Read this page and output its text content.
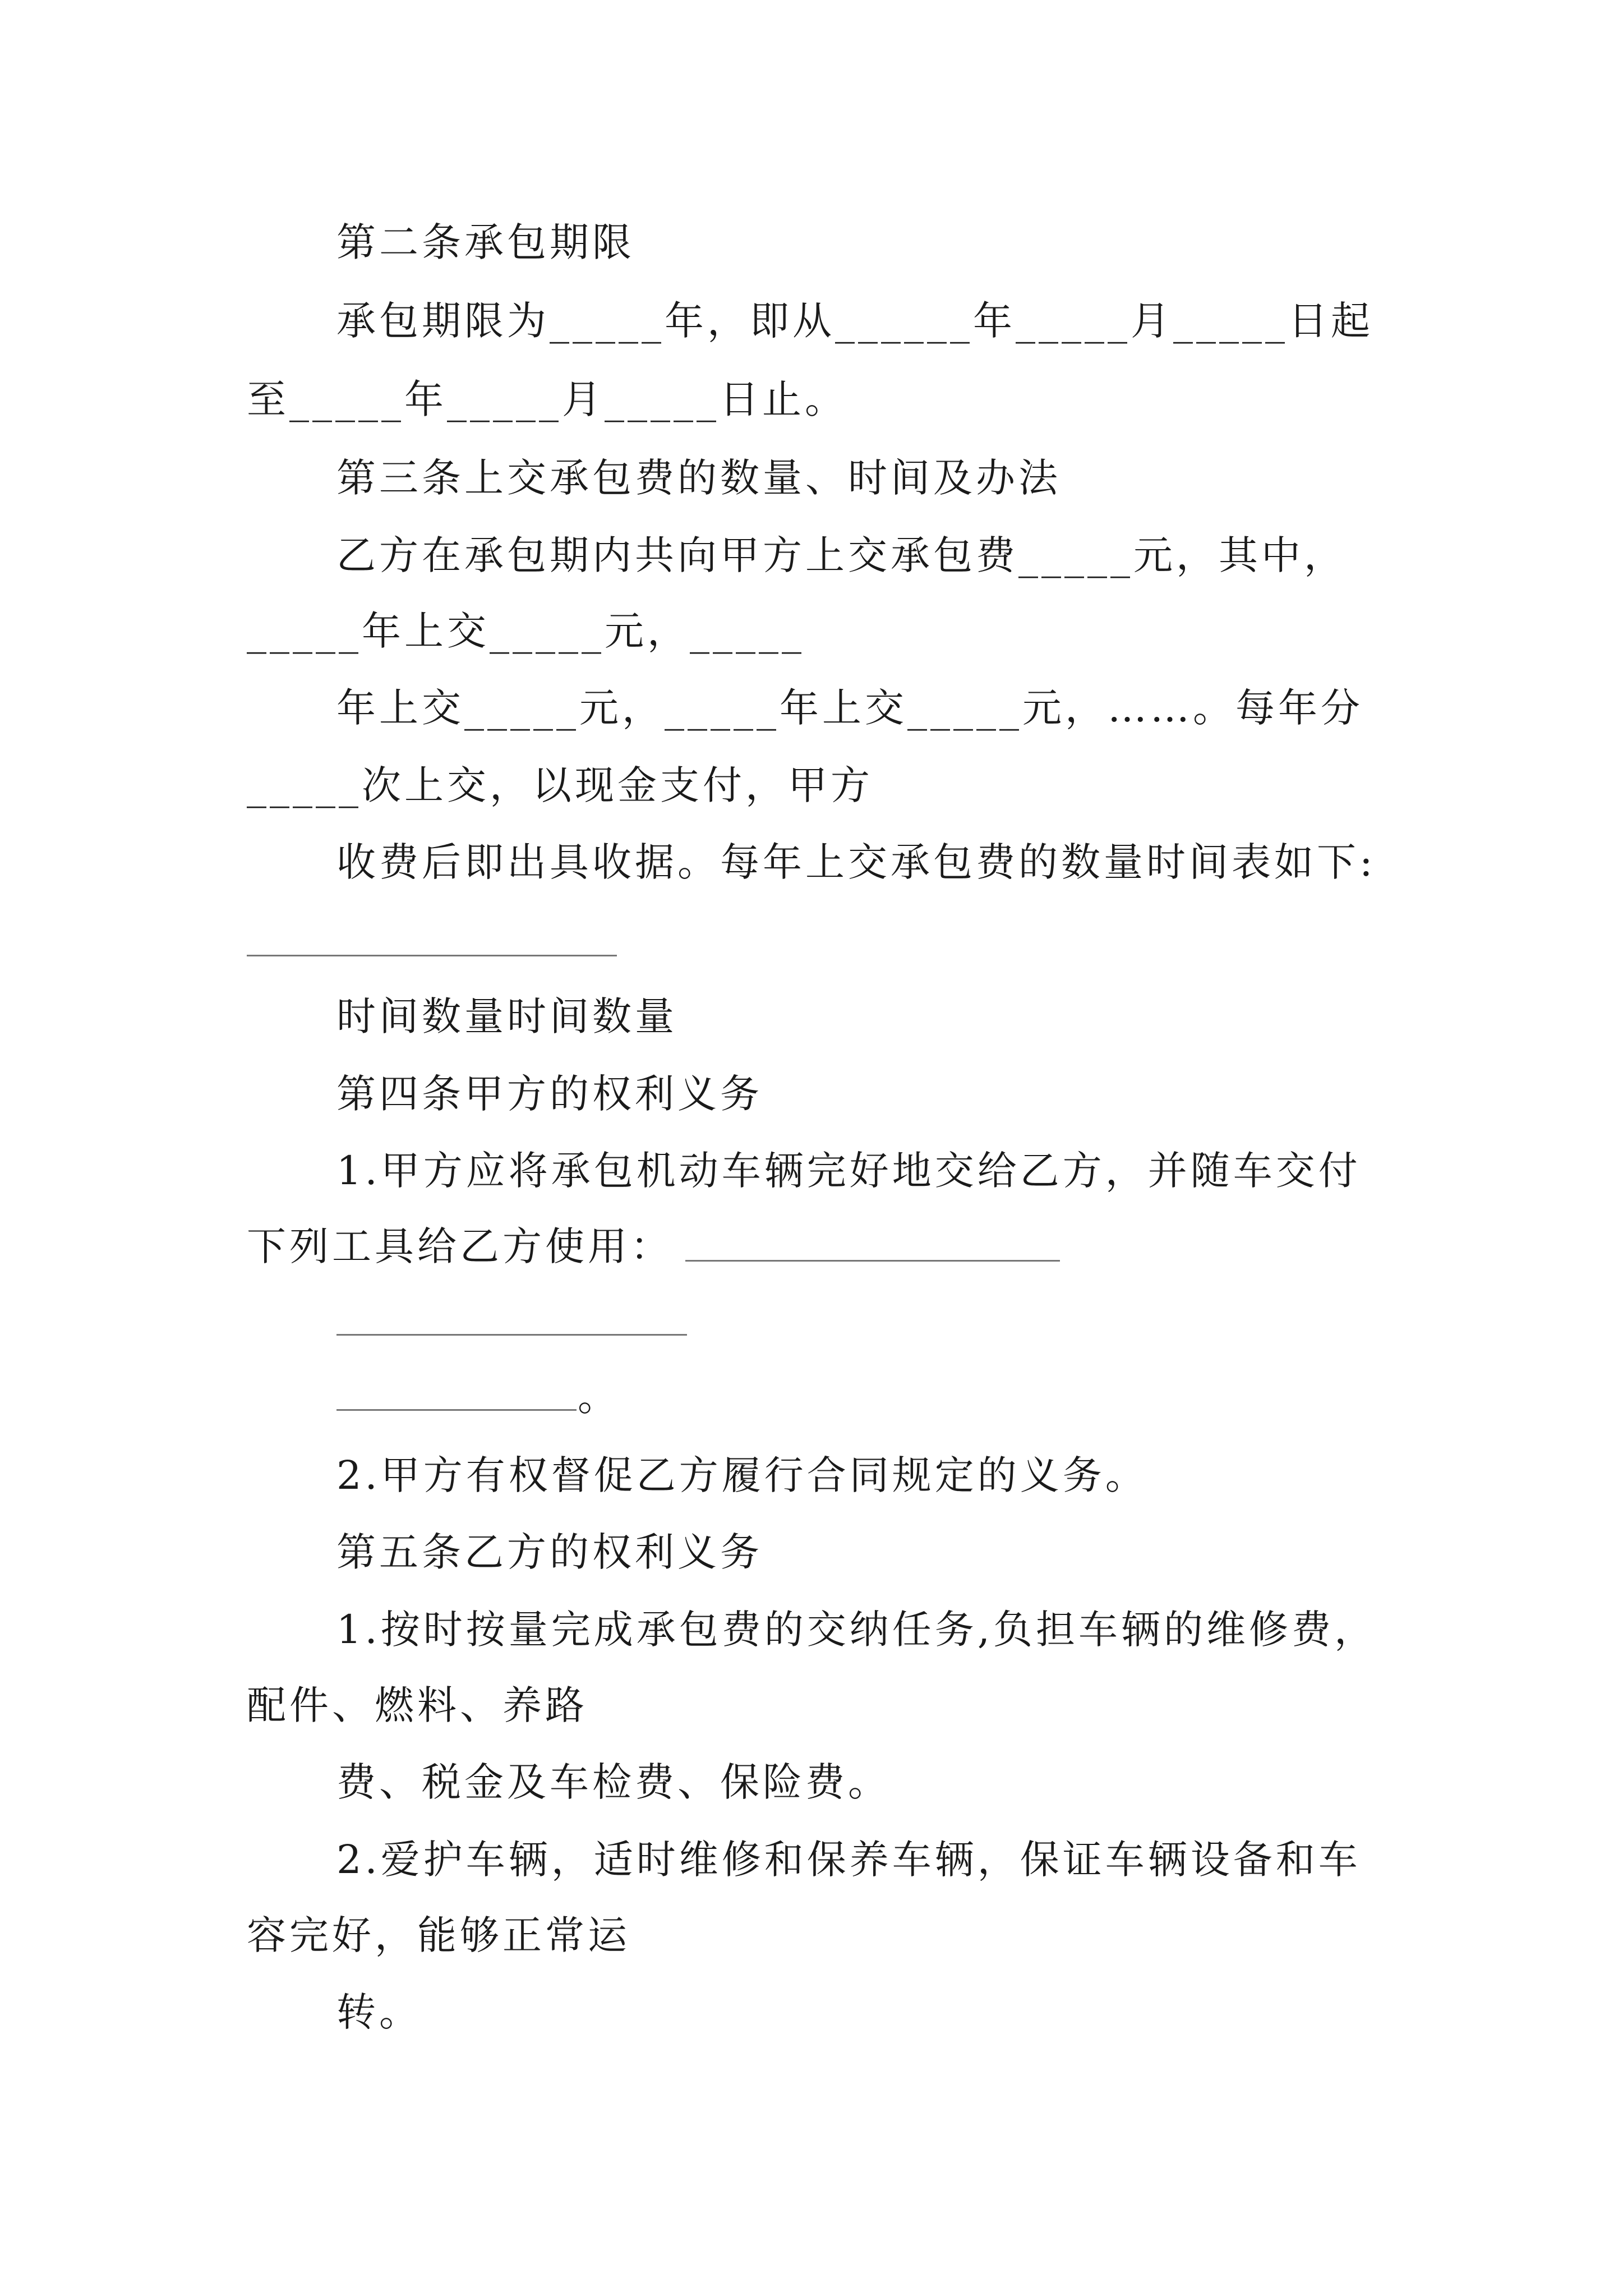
第二条承包期限
承包期限为_____年，即从______年_____月_____日起
至_____年_____月_____日止。
第三条上交承包费的数量、时间及办法
乙方在承包期内共向甲方上交承包费_____元，其中，
_____年上交_____元，_____
年上交_____元，_____年上交_____元，……。每年分
_____次上交，以现金支付，甲方
收费后即出具收据。每年上交承包费的数量时间表如下:
时间数量时间数量
第四条甲方的权利义务
1.甲方应将承包机动车辆完好地交给乙方，并随车交付
下列工具给乙方使用：
。
2.甲方有权督促乙方履行合同规定的义务。
第五条乙方的权利义务
1.按时按量完成承包费的交纳任务,负担车辆的维修费，
配件、燃料、养路
费、税金及车检费、保险费。
2.爱护车辆，适时维修和保养车辆，保证车辆设备和车
容完好，能够正常运
转。
